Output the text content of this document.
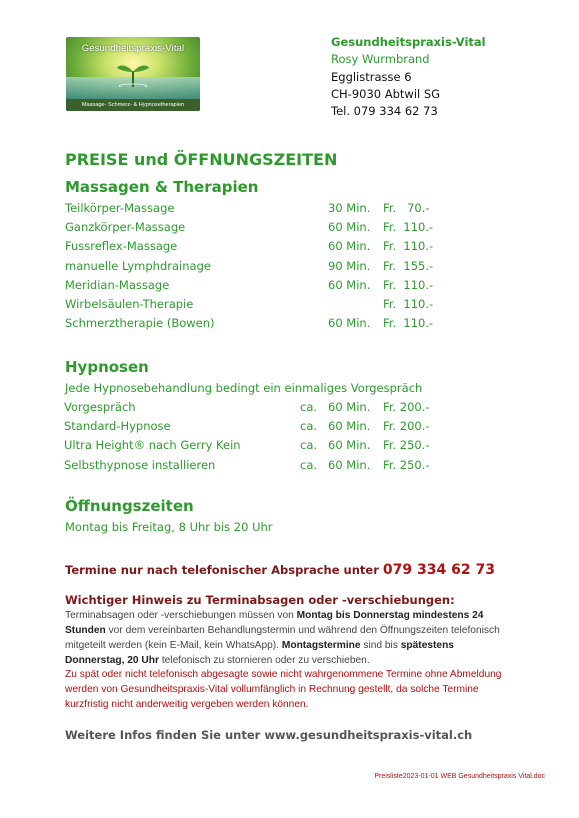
Gesundheitspraxis-Vital
Massage- Schmerz- & Hypnosetherapien
Gesundheitspraxis-Vital
Rosy Wurmbrand
Egglistrasse 6
CH-9030 Abtwil SG
Tel. 079 334 62 73
PREISE und ÖFFNUNGSZEITEN
Massagen & Therapien
Teilkörper-Massage	30 Min. Fr.   70.-
Ganzkörper-Massage	60 Min. Fr.  110.-
Fussreflex-Massage	60 Min. Fr.  110.-
manuelle Lymphdrainage	90 Min. Fr.  155.-
Meridian-Massage	60 Min. Fr.  110.-
Wirbelsäulen-Therapie	Fr.  110.-
Schmerztherapie (Bowen)	60 Min. Fr.  110.-
Hypnosen
Jede Hypnosebehandlung bedingt ein einmaliges Vorgespräch
Vorgespräch	ca. 60 Min. Fr. 200.-
Standard-Hypnose	ca. 60 Min. Fr. 200.-
Ultra Height® nach Gerry Kein	ca. 60 Min. Fr. 250.-
Selbsthypnose installieren	ca. 60 Min. Fr. 250.-
Öffnungszeiten
Montag bis Freitag, 8 Uhr bis 20 Uhr
Termine nur nach telefonischer Absprache unter 079 334 62 73
Wichtiger Hinweis zu Terminabsagen oder -verschiebungen:
Terminabsagen oder -verschiebungen müssen von Montag bis Donnerstag mindestens 24 Stunden vor dem vereinbarten Behandlungstermin und während den Öffnungszeiten telefonisch mitgeteilt werden (kein E-Mail, kein WhatsApp). Montagstermine sind bis spätestens Donnerstag, 20 Uhr telefonisch zu stornieren oder zu verschieben.
Zu spät oder nicht telefonisch abgesagte sowie nicht wahrgenommene Termine ohne Abmeldung werden von Gesundheitspraxis-Vital vollumfänglich in Rechnung gestellt, da solche Termine kurzfristig nicht anderweitig vergeben werden können.
Weitere Infos finden Sie unter www.gesundheitspraxis-vital.ch
Preisliste2023-01-01 WEB Gesundheitspraxis Vital.doc
